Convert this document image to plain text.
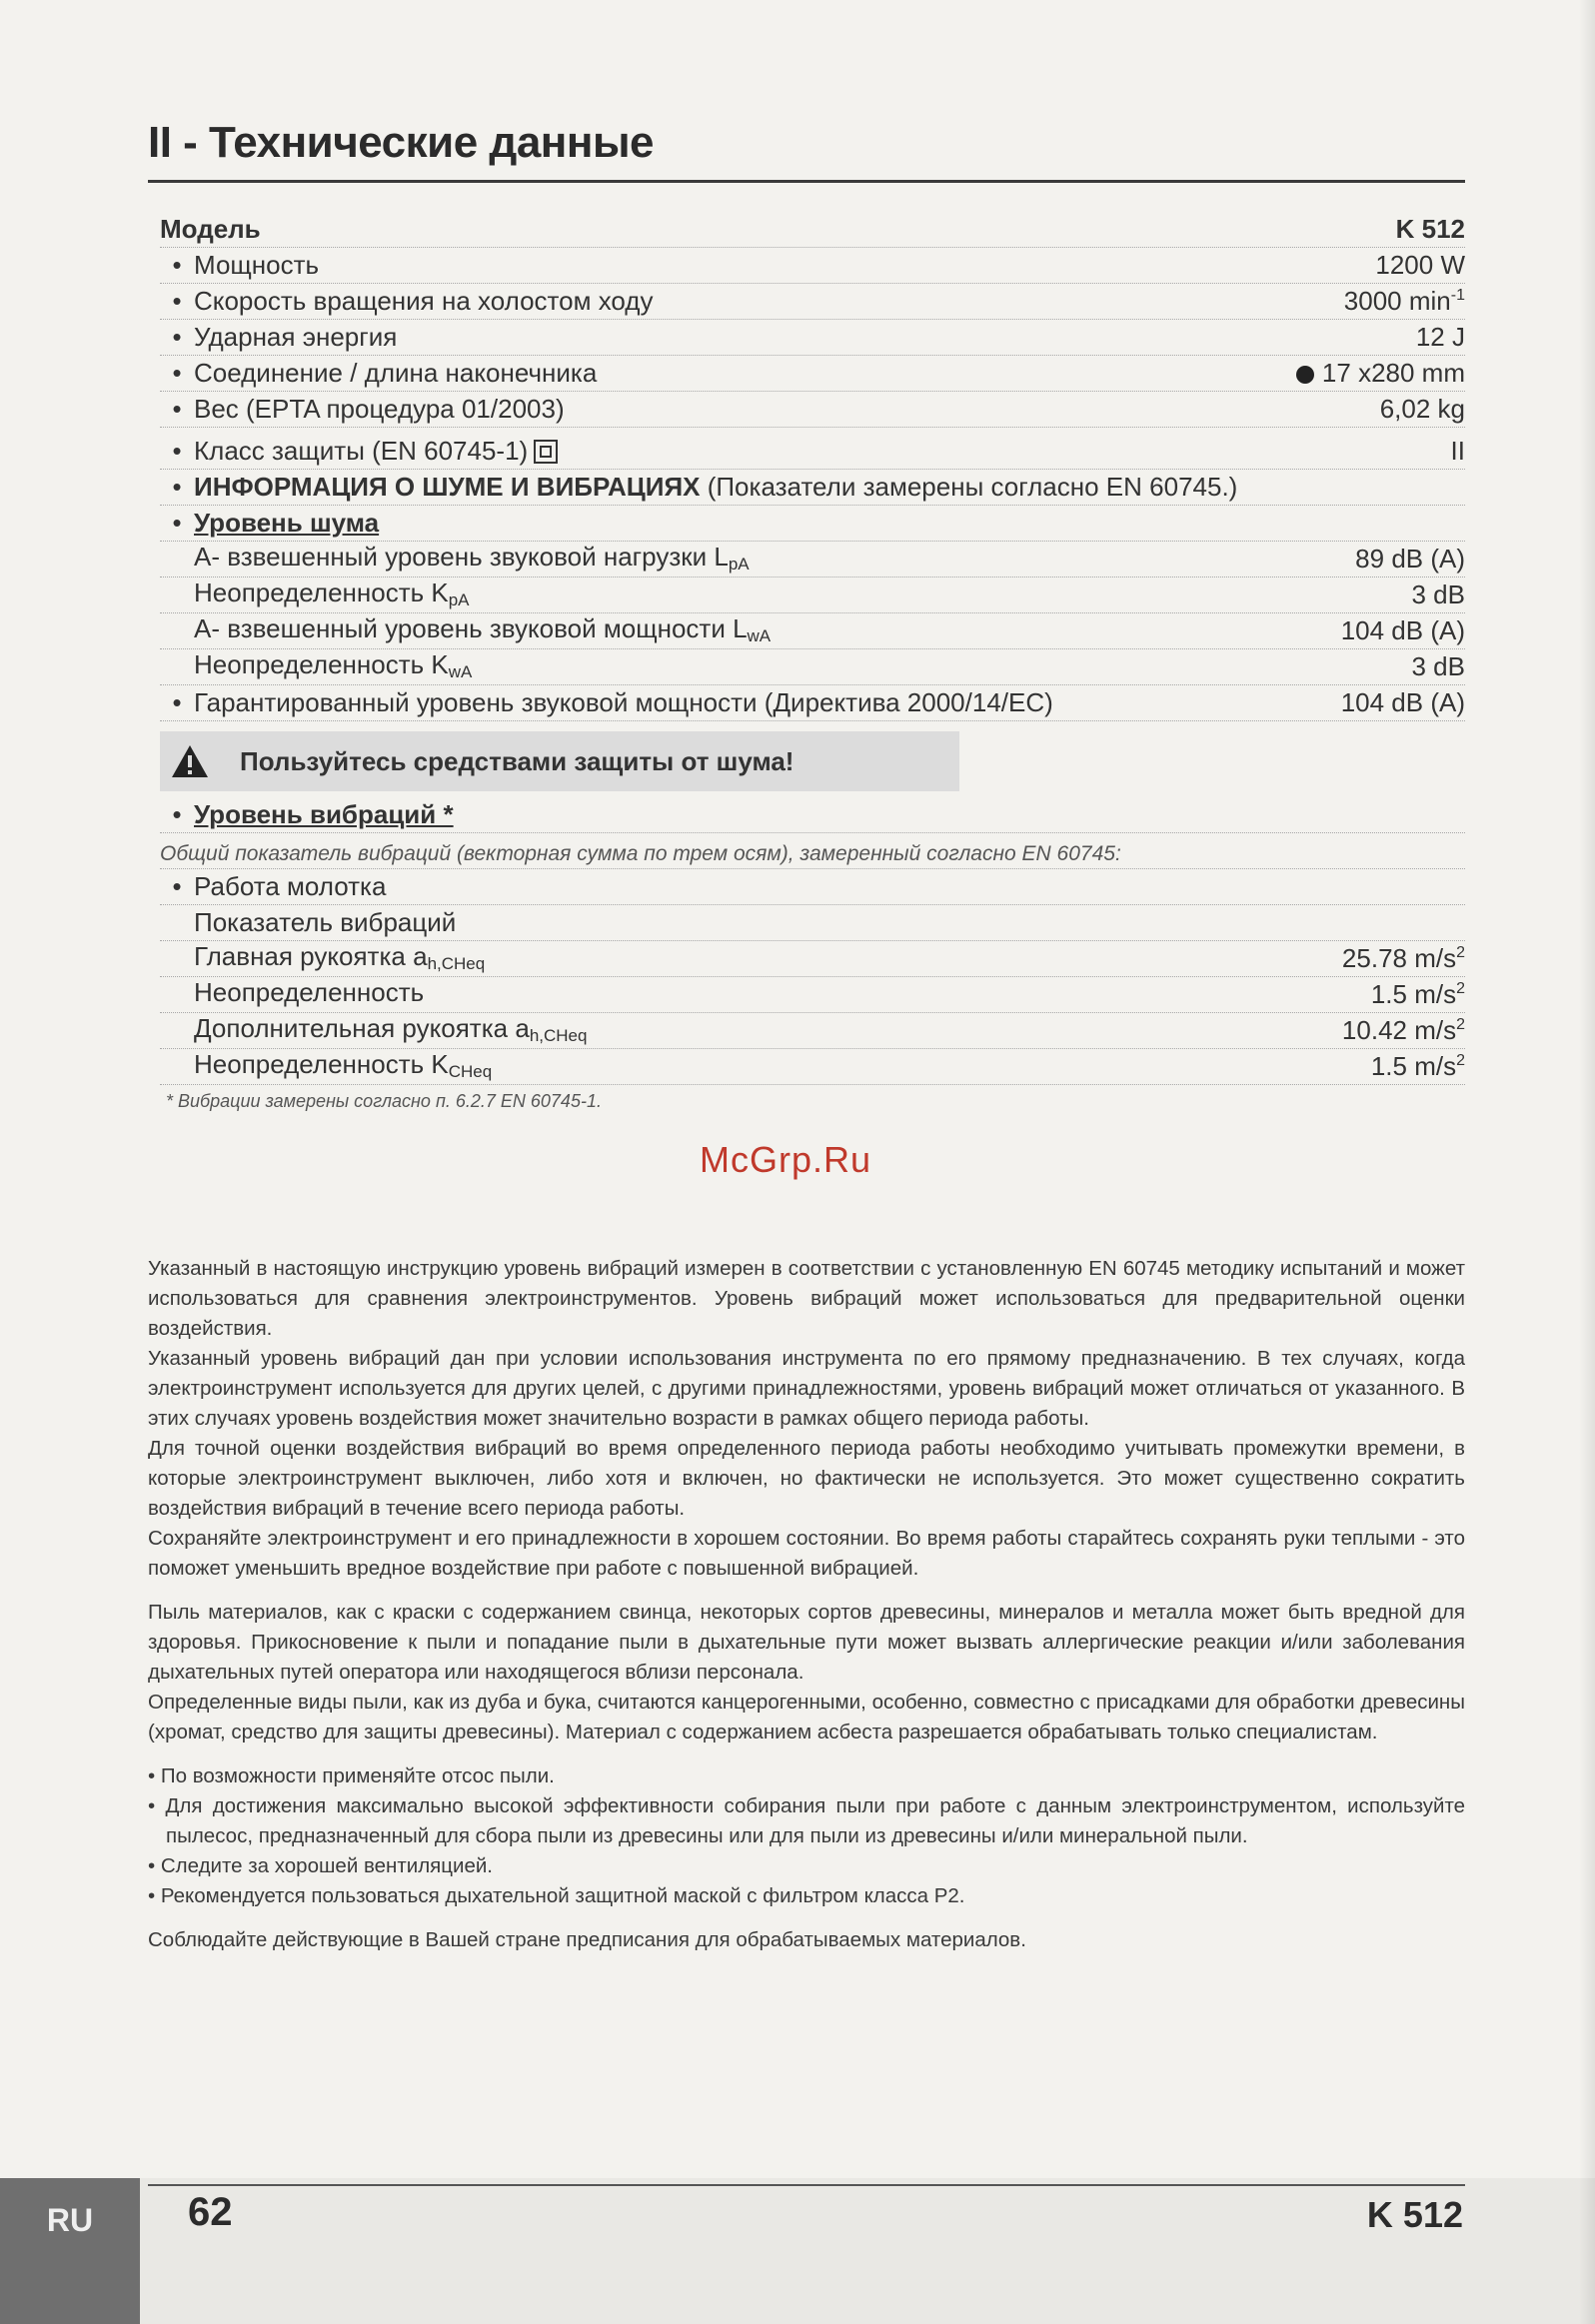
II - Технические данные
Модель	K 512
• Мощность	1200 W
• Скорость вращения на холостом ходу	3000 $\min^{-1}$
• Ударная энергия	12 J
• Соединение / длина наконечника	17 x280 mm
• Вес (EPTA процедура 01/2003)	6,02 kg
• Класс защиты (EN 60745-1)	II
• ИНФОРМАЦИЯ О ШУМЕ И ВИБРАЦИЯХ (Показатели замерены согласно EN 60745.)
• Уровень шума
A- взвешенный уровень звуковой нагрузки $L_{pA}$	89 dB (A)
Неопределенность $K_{pA}$	3 dB
A- взвешенный уровень звуковой мощности $L_{wA}$	104 dB (A)
Неопределенность $K_{wA}$	3 dB
• Гарантированный уровень звуковой мощности (Директива 2000/14/EC)	104 dB (A)
Пользуйтесь средствами защиты от шума!
• Уровень вибраций *
Общий показатель вибраций (векторная сумма по трем осям), замеренный согласно EN 60745:
• Работа молотка
Показатель вибраций
Главная рукоятка $a_{h,CHeq}$	25.78 $m/s^2$
Неопределенность	1.5 $m/s^2$
Дополнительная рукоятка $a_{h,CHeq}$	10.42 $m/s^2$
Неопределенность $K_{CHeq}$	1.5 $m/s^2$
* Вибрации замерены согласно п. 6.2.7 EN 60745-1.
McGrp.Ru

Указанный в настоящую инструкцию уровень вибраций измерен в соответствии с установленную EN 60745 методику испытаний и может использоваться для сравнения электроинструментов. Уровень вибраций может использоваться для предварительной оценки воздействия.

Указанный уровень вибраций дан при условии использования инструмента по его прямому предназначению. В тех случаях, когда электроинструмент используется для других целей, с другими принадлежностями, уровень вибраций может отличаться от указанного. В этих случаях уровень воздействия может значительно возрасти в рамках общего периода работы.

Для точной оценки воздействия вибраций во время определенного периода работы необходимо учитывать промежутки времени, в которые электроинструмент выключен, либо хотя и включен, но фактически не используется. Это может существенно сократить воздействия вибраций в течение всего периода работы.

Сохраняйте электроинструмент и его принадлежности в хорошем состоянии. Во время работы старайтесь сохранять руки теплыми - это поможет уменьшить вредное воздействие при работе с повышенной вибрацией.

Пыль материалов, как с краски с содержанием свинца, некоторых сортов древесины, минералов и металла может быть вредной для здоровья. Прикосновение к пыли и попадание пыли в дыхательные пути может вызвать аллергические реакции и/или заболевания дыхательных путей оператора или находящегося вблизи персонала.

Определенные виды пыли, как из дуба и бука, считаются канцерогенными, особенно, совместно с присадками для обработки древесины (хромат, средство для защиты древесины). Материал с содержанием асбеста разрешается обрабатывать только специалистам.

• По возможности применяйте отсос пыли.
• Для достижения максимально высокой эффективности собирания пыли при работе с данным электроинструментом, используйте пылесос, предназначенный для сбора пыли из древесины или для пыли из древесины и/или минеральной пыли.
• Следите за хорошей вентиляцией.
• Рекомендуется пользоваться дыхательной защитной маской с фильтром класса P2.

Соблюдайте действующие в Вашей стране предписания для обрабатываемых материалов.

RU	62	K 512
